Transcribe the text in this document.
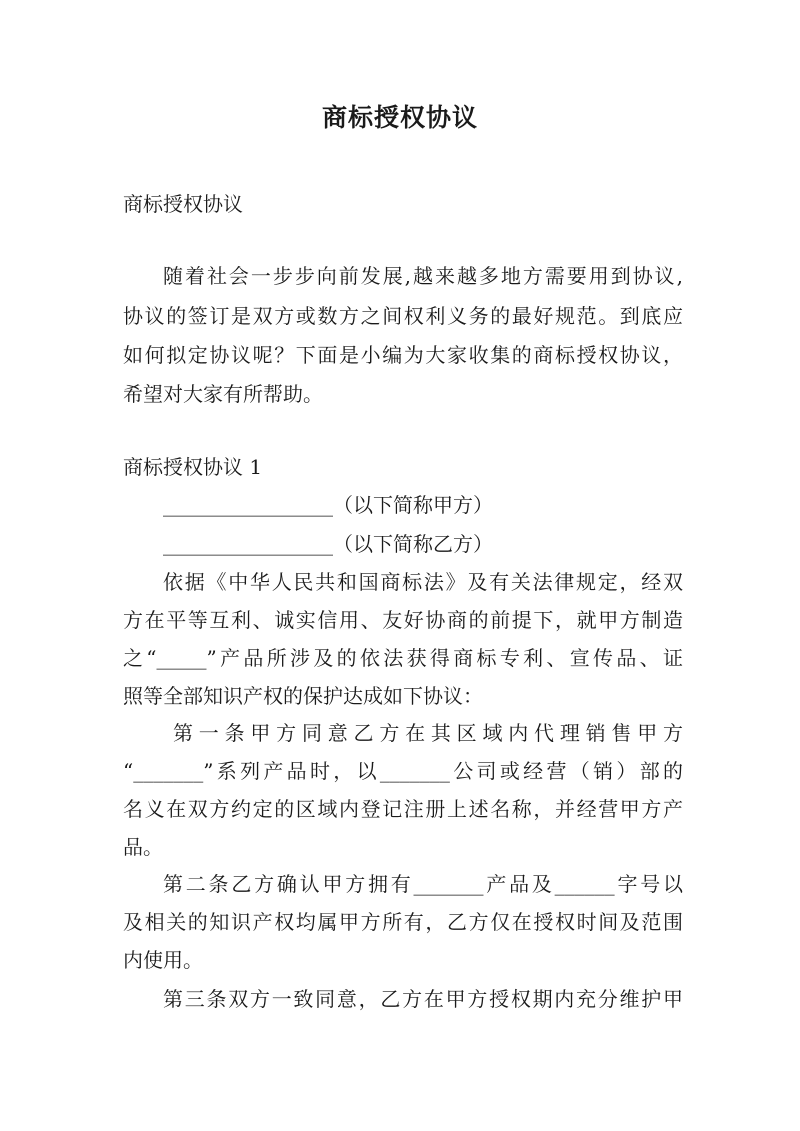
商标授权协议

商标授权协议

随着社会一步步向前发展,越来越多地方需要用到协议,

协议的签订是双方或数方之间权利义务的最好规范。到底应

如何拟定协议呢？下面是小编为大家收集的商标授权协议，

希望对大家有所帮助。

商标授权协议 1

_________________（以下简称甲方）

_________________（以下简称乙方）

依据《中华人民共和国商标法》及有关法律规定，经双

方在平等互利、诚实信用、友好协商的前提下，就甲方制造

之“_____”产品所涉及的依法获得商标专利、宣传品、证

照等全部知识产权的保护达成如下协议：

第一条甲方同意乙方在其区域内代理销售甲方

“_______”系列产品时，以_______公司或经营（销）部的

名义在双方约定的区域内登记注册上述名称，并经营甲方产

品。

第二条乙方确认甲方拥有_______产品及______字号以

及相关的知识产权均属甲方所有，乙方仅在授权时间及范围

内使用。

第三条双方一致同意，乙方在甲方授权期内充分维护甲
